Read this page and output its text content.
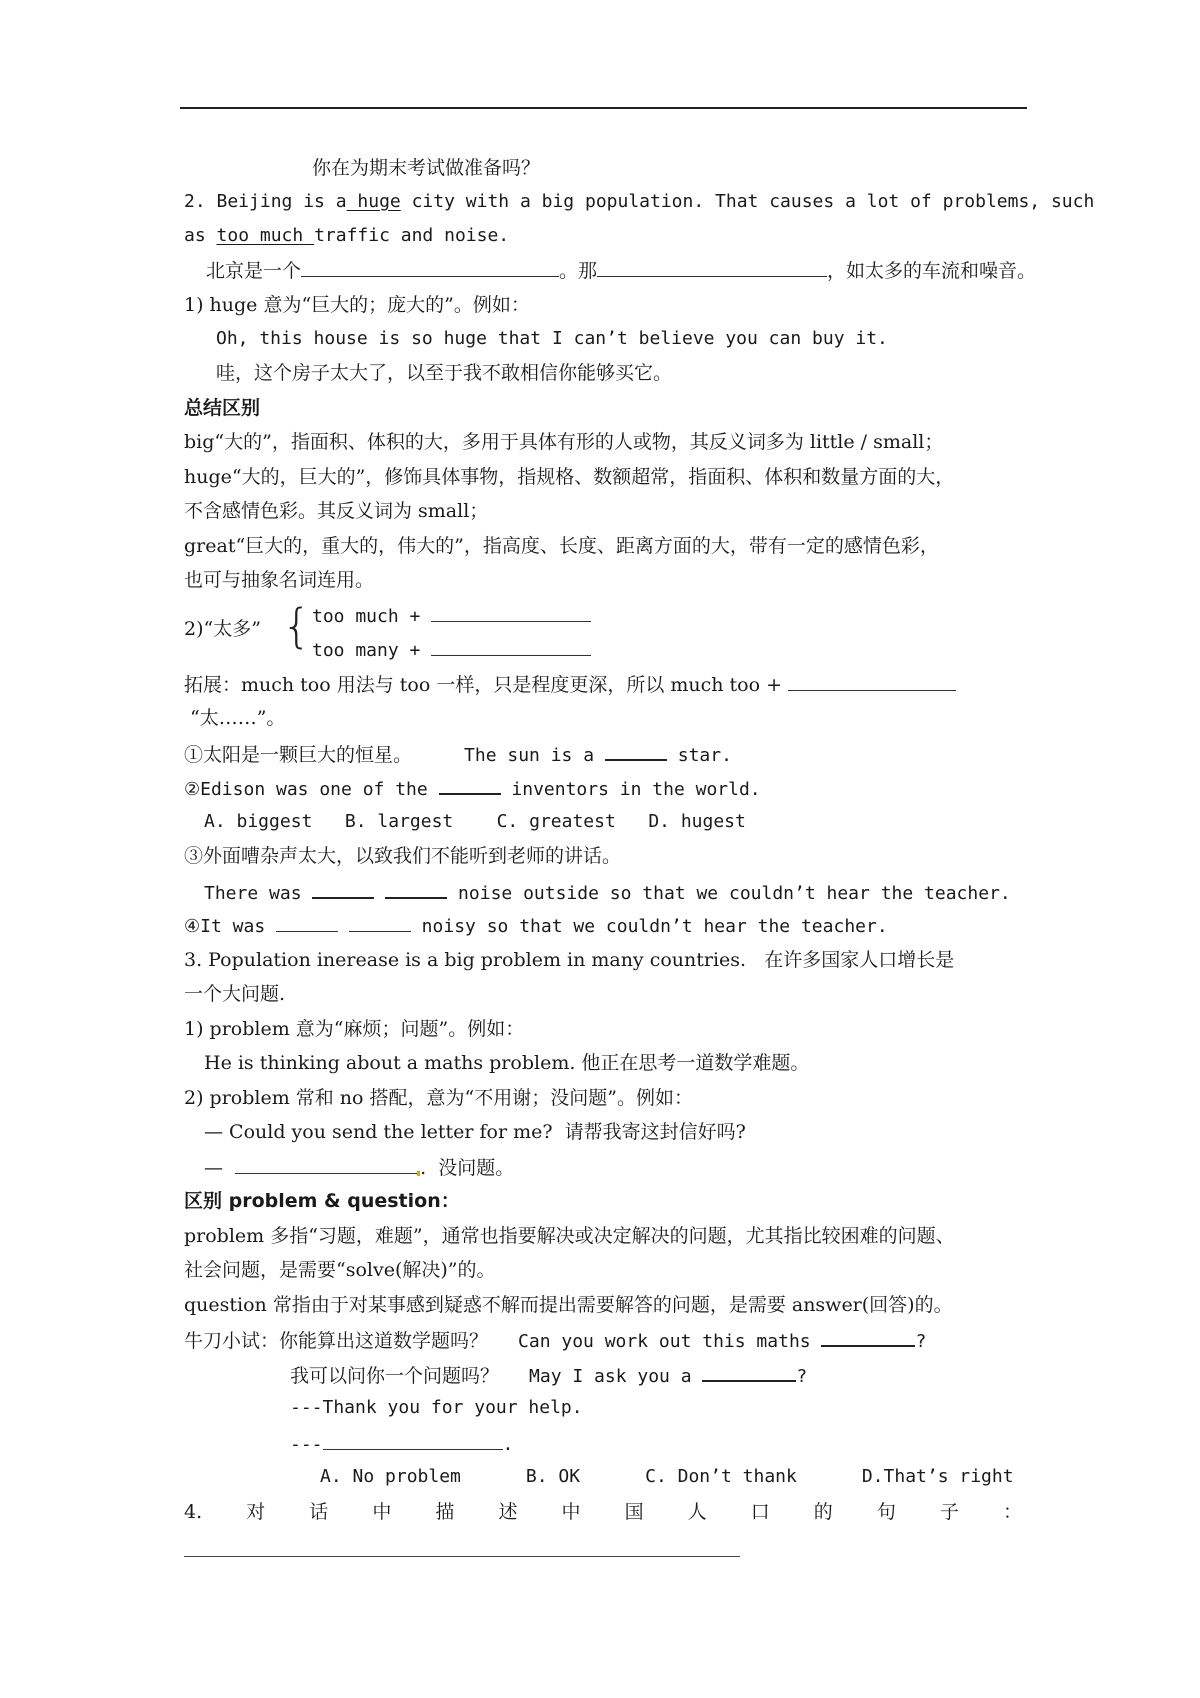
你在为期末考试做准备吗？
2. Beijing is a huge city with a big population. That causes a lot of problems, such
as too much traffic and noise.
北京是一个	。那	，如太多的车流和噪音。
1) huge 意为“巨大的；庞大的”。例如：
Oh, this house is so huge that I can’t believe you can buy it.
哇，这个房子太大了，以至于我不敢相信你能够买它。
总结区别
big“大的”，指面积、体积的大，多用于具体有形的人或物，其反义词多为 little / small；
huge“大的，巨大的”，修饰具体事物，指规格、数额超常，指面积、体积和数量方面的大，
不含感情色彩。其反义词为 small；
great“巨大的，重大的，伟大的”，指高度、长度、距离方面的大，带有一定的感情色彩，
也可与抽象名词连用。
2)“太多” { too much +
too many +
拓展：much too 用法与 too 一样，只是程度更深，所以 much too +
“太……”。
①太阳是一颗巨大的恒星。	The sun is a	star.
②Edison was one of the	inventors in the world.
A. biggest   B. largest    C. greatest   D. hugest
③外面嘈杂声太大，以致我们不能听到老师的讲话。
There was	noise outside so that we couldn’t hear the teacher.
④It was	noisy so that we couldn’t hear the teacher.
3. Population inerease is a big problem in many countries.   在许多国家人口增长是
一个大问题.
1) problem 意为“麻烦；问题”。例如：
He is thinking about a maths problem. 他正在思考一道数学难题。
2) problem 常和 no 搭配，意为“不用谢；没问题”。例如：
— Could you send the letter for me?  请帮我寄这封信好吗?
—	.  没问题。
区别 problem & question：
problem 多指“习题，难题”，通常也指要解决或决定解决的问题，尤其指比较困难的问题、
社会问题，是需要“solve(解决)”的。
question 常指由于对某事感到疑惑不解而提出需要解答的问题，是需要 answer(回答)的。
牛刀小试：你能算出这道数学题吗？ Can you work out this maths	?
我可以问你一个问题吗？ May I ask you a	?
---Thank you for your help.
---	.
A. No problem      B. OK      C. Don’t thank      D.That’s right
4. 对 话 中 描 述 中 国 人 口 的 句 子 ：
